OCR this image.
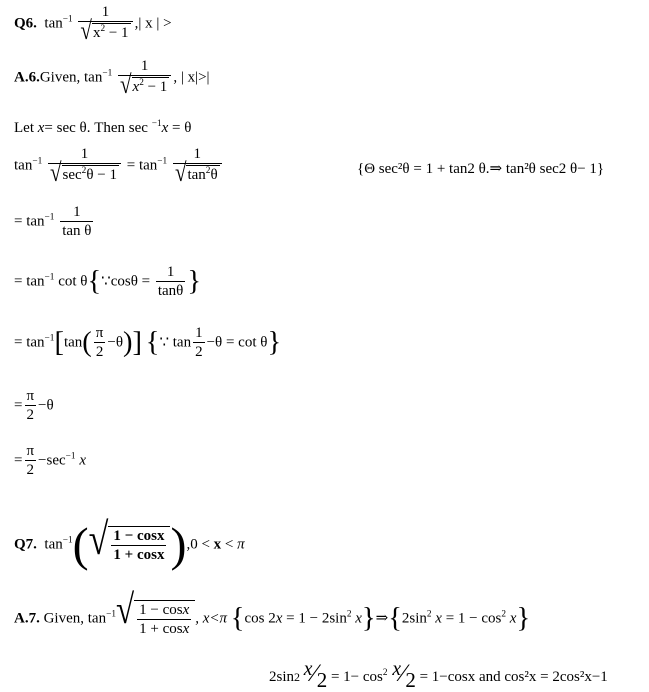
Q6. $\tan^{-1} \frac{1}{√ x^2 - 1}$ ,| x | >
A.6.Given, $\tan^{-1} \frac{1}{√ x^2 - 1}$ , | x|>|
Let x= sec θ. Then sec $^{-1}$x = θ
$\tan^{-1} \frac{1}{√ \sec^2\theta - 1} = \tan^{-1} \frac{1}{√ \tan^2\theta}$	{Θ sec²θ = 1 + tan2 θ.⇒ tan²θ sec2 θ− 1}
= $\tan^{-1} \frac{1}{\text{tan θ}}$
= $\tan^{-1} \cot$ θ{∵cosθ = $\frac{1}{\tan\theta}$ }
= $\tan^{-1}[\tan( \frac{\pi}{2} -\theta)]$ {∵ $\tan \frac{1}{2} -\theta = \cot \theta$}
= $\frac{\pi}{2} -\theta$
= $\frac{\pi}{2} -\sec^{-1}$ x
Q7. $\tan^{-1}$( √ $\frac{1 - \cos x}{1 + \cos x} ),0 < x < \pi$
A.7. Given, $\tan^{-1}$ √ $\frac{1 - \cos x}{1 + \cos x}$ , x<π {cos $2x = 1 - 2\sin^2$ $x\}\Rightarrow\{2\sin^2$ $x = 1 - \cos^2 x$}
2sin2 x⁄2 = $1- \cos^2$ x⁄2 = 1−cosx and cos²x = 2cos²x−1
